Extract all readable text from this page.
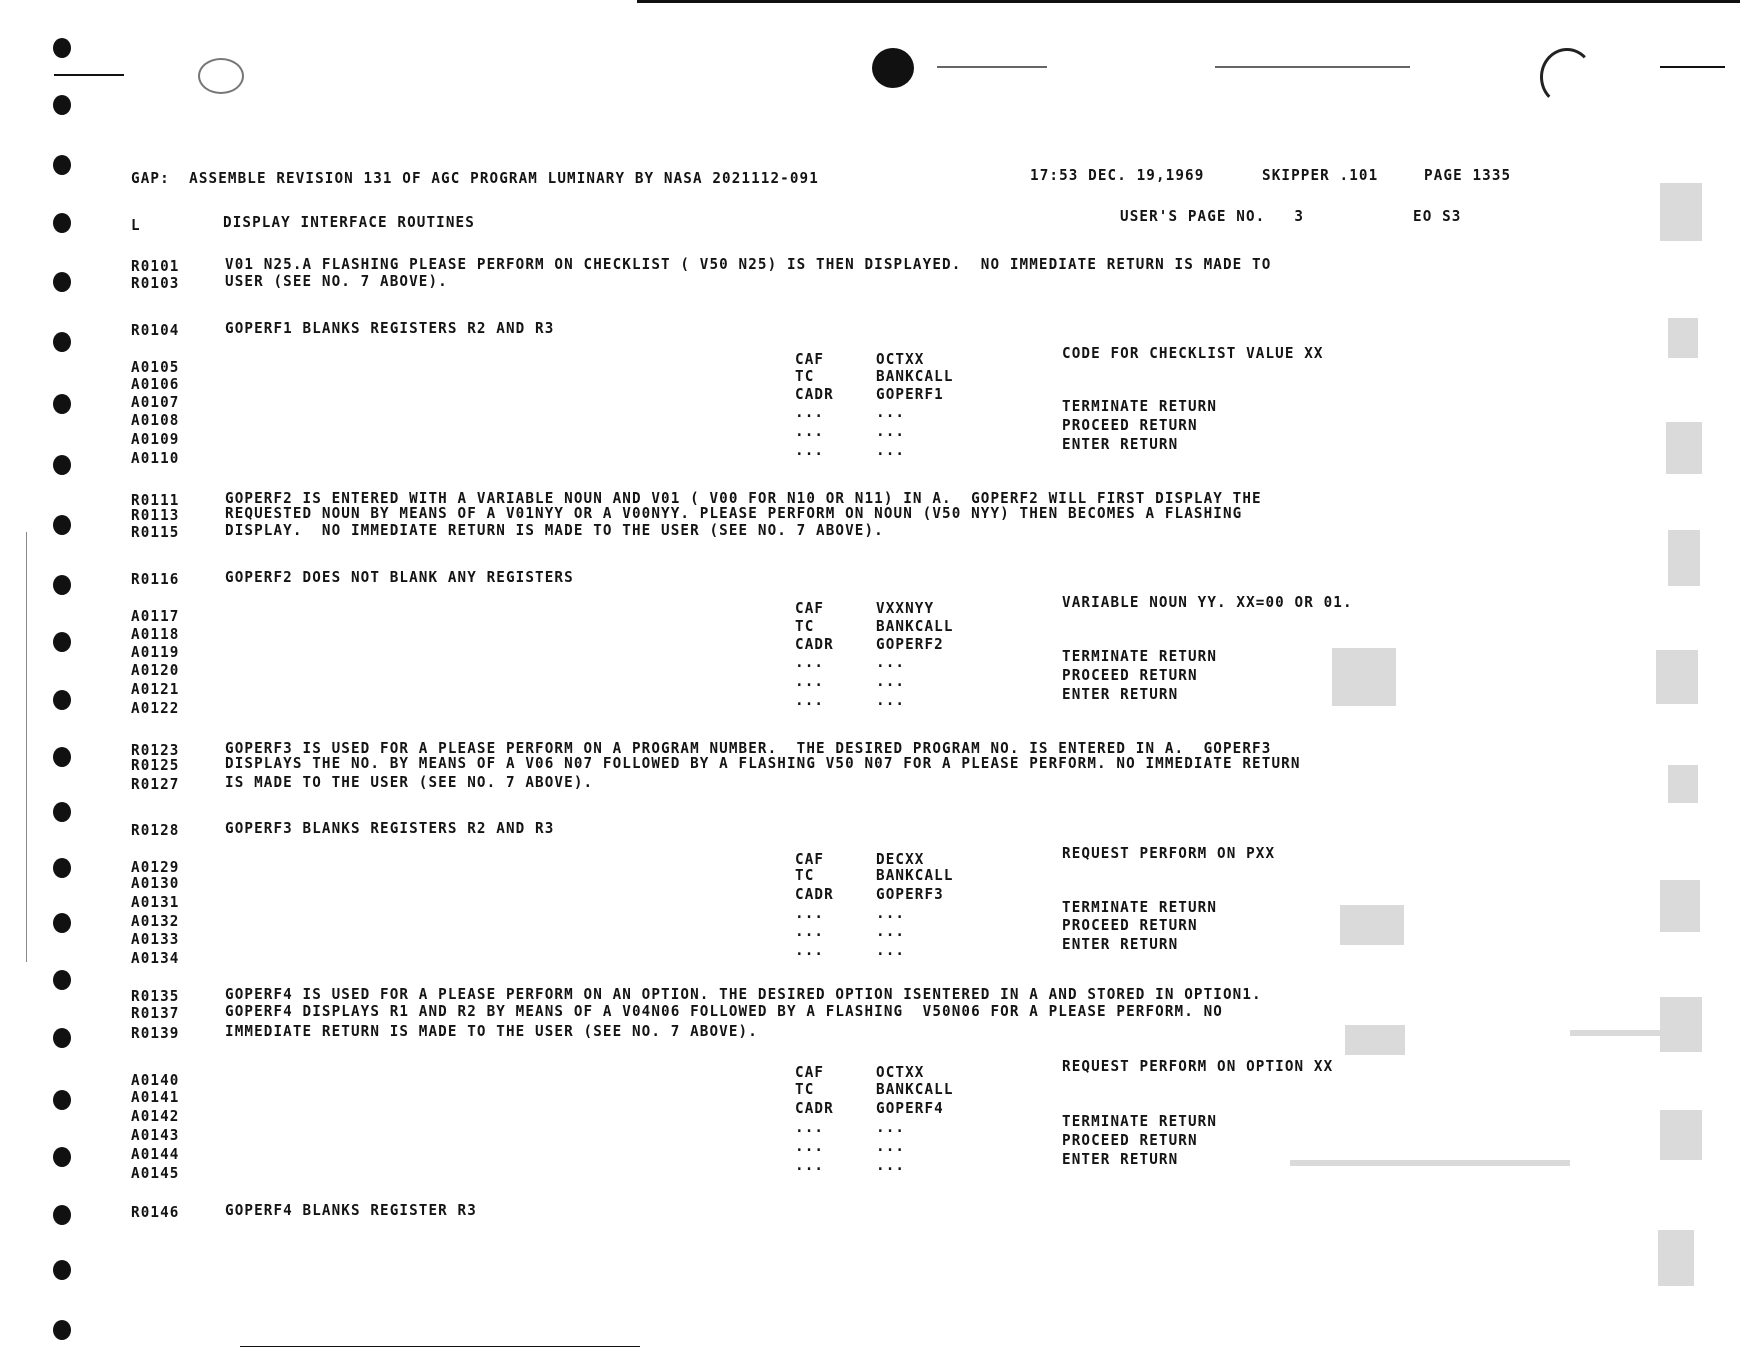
GAP:  ASSEMBLE REVISION 131 OF AGC PROGRAM LUMINARY BY NASA 2021112-091	17:53 DEC. 19,1969	SKIPPER .101	PAGE 1335
L	DISPLAY INTERFACE ROUTINES	USER'S PAGE NO.   3	EO S3
R0101	V01 N25.A FLASHING PLEASE PERFORM ON CHECKLIST ( V50 N25) IS THEN DISPLAYED.  NO IMMEDIATE RETURN IS MADE TO
R0103	USER (SEE NO. 7 ABOVE).
R0104	GOPERF1 BLANKS REGISTERS R2 AND R3
A0105	CAF	OCTXX	CODE FOR CHECKLIST VALUE XX
A0106	TC	BANKCALL
A0107	CADR	GOPERF1
A0108	...	...	TERMINATE RETURN
A0109	...	...	PROCEED RETURN
A0110	...	...	ENTER RETURN
R0111	GOPERF2 IS ENTERED WITH A VARIABLE NOUN AND V01 ( V00 FOR N10 OR N11) IN A.  GOPERF2 WILL FIRST DISPLAY THE
R0113	REQUESTED NOUN BY MEANS OF A V01NYY OR A V00NYY. PLEASE PERFORM ON NOUN (V50 NYY) THEN BECOMES A FLASHING
R0115	DISPLAY.  NO IMMEDIATE RETURN IS MADE TO THE USER (SEE NO. 7 ABOVE).
R0116	GOPERF2 DOES NOT BLANK ANY REGISTERS
A0117	CAF	VXXNYY	VARIABLE NOUN YY. XX=00 OR 01.
A0118	TC	BANKCALL
A0119	CADR	GOPERF2
A0120	...	...	TERMINATE RETURN
A0121	...	...	PROCEED RETURN
A0122	...	...	ENTER RETURN
R0123	GOPERF3 IS USED FOR A PLEASE PERFORM ON A PROGRAM NUMBER.  THE DESIRED PROGRAM NO. IS ENTERED IN A.  GOPERF3
R0125	DISPLAYS THE NO. BY MEANS OF A V06 N07 FOLLOWED BY A FLASHING V50 N07 FOR A PLEASE PERFORM. NO IMMEDIATE RETURN
R0127	IS MADE TO THE USER (SEE NO. 7 ABOVE).
R0128	GOPERF3 BLANKS REGISTERS R2 AND R3
A0129	CAF	DECXX	REQUEST PERFORM ON PXX
A0130	TC	BANKCALL
A0131	CADR	GOPERF3
A0132	...	...	TERMINATE RETURN
A0133	...	...	PROCEED RETURN
A0134	...	...	ENTER RETURN
R0135	GOPERF4 IS USED FOR A PLEASE PERFORM ON AN OPTION. THE DESIRED OPTION ISENTERED IN A AND STORED IN OPTION1.
R0137	GOPERF4 DISPLAYS R1 AND R2 BY MEANS OF A V04N06 FOLLOWED BY A FLASHING  V50N06 FOR A PLEASE PERFORM. NO
R0139	IMMEDIATE RETURN IS MADE TO THE USER (SEE NO. 7 ABOVE).
A0140	CAF	OCTXX	REQUEST PERFORM ON OPTION XX
A0141	TC	BANKCALL
A0142	CADR	GOPERF4
A0143	...	...	TERMINATE RETURN
A0144	...	...	PROCEED RETURN
A0145	...	...	ENTER RETURN
R0146	GOPERF4 BLANKS REGISTER R3
